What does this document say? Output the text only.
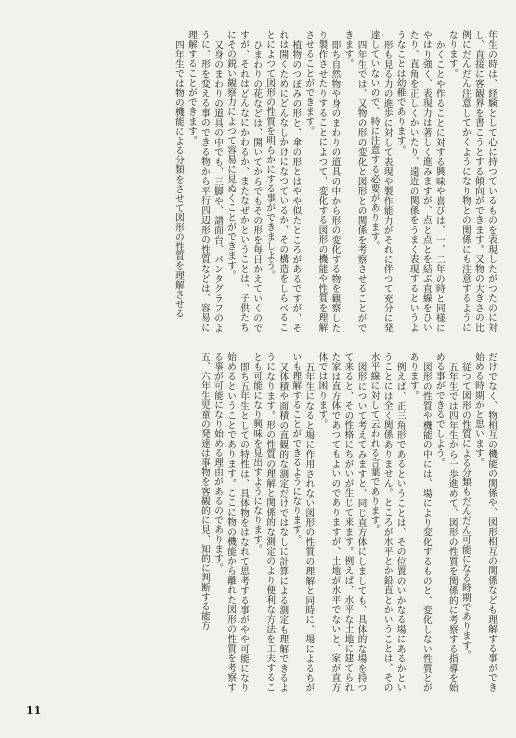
年生の時は、経験として心に持つているものを表現したがつたのに対し、直接に客観界を書こうとする傾向ができます。又物の大きさの比例にだんだん注意してかくようになり物との関係にも注意するようになります。
かくことや作ることに対する興味や喜びは、一、二年の時と同様にやはり強く、表現力は著しく進みますが、点と点とを結ぶ直線をひいたり、直角を正しくかいたり、遠近の関係をうまく表現するというようなことは幼稚であります。
形も見る力の進歩に対して表現や製作能力がそれに伴つて充分に発達していないので、特に注意する必要があります。
四年生では、又物の形の変化と図形との関係を考察させることができます。
即ち自然物や身のまわりの道具の中から形の変化する物を観察したり製作させたりすることによつて、変化する図形の機能や性質を理解させることができます。
植物のつぼみの形と、傘の形とはやや似たところがあるですが、それは開くためにどんなしかけになつているか、その構造をしらべることによつて図形の性質を明らかにする事ができましよう。
ひまわりの花などは、開いてからでもその形を毎日かえていくのですが、それはどんなにかわるか、またなぜかということは、子供たちにその鋭い観察力によつて容易に見ぬくことができます。
又身のまわりの道具の中でも、三脚や、譜面台、パンタグラフのように、形を変える事のできる物から平行四辺形の性質などは、容易に理解することができます。
四年生では物の機能による分類をさせて図形の性質を理解させる
だけでなく、物相互の機能の関係や、図形相互の関係なども理解する事ができ始める時期かと思います。
従つて図形の性質による分類もだんだん可能になる時期であります。
五年生では四年生から一歩進めて、図形の性質を関係的に考察する指導を始める事ができるでしよう。
図形の性質や機能の中には、場により変化するものと、変化しない性質とがあります。
例えば、正三角形であるということは、その位置のいかなる場にあるかということには全く関係ありません。ところが水平とか鉛直とかいうことは、その水平線に対して云われる言葉であります。
図形について考えてみますと、同じ直方体にしましても、具体的な場を持つて来ると、その性格にちがいが生じて来ます。例えば、水平な土地に建てられた家は直方体であつてもよいのでありますが、土地が水平でないと、家が直方体では困ります。
五年生になると場に作用されない図形の性質の理解と同時に、場によるちがいも理解することができるようになります。
又体積や面積の直観的な測定だけではなしに計算による測定も理解できるようになります。形の性質の理解と関係的な測定のより便利な方法を工夫することも可能になり興味を見出すようになります。
即ち五年生としての特性は、具体物をはなれて思考する事がやや可能になり始めるということであります。ここに物の機能から離れた図形の性質を考察する事が可能になり始める理由があるのであります。
五、六年生児童の発達は事物を客観的に見、知的に判断する能方
11
